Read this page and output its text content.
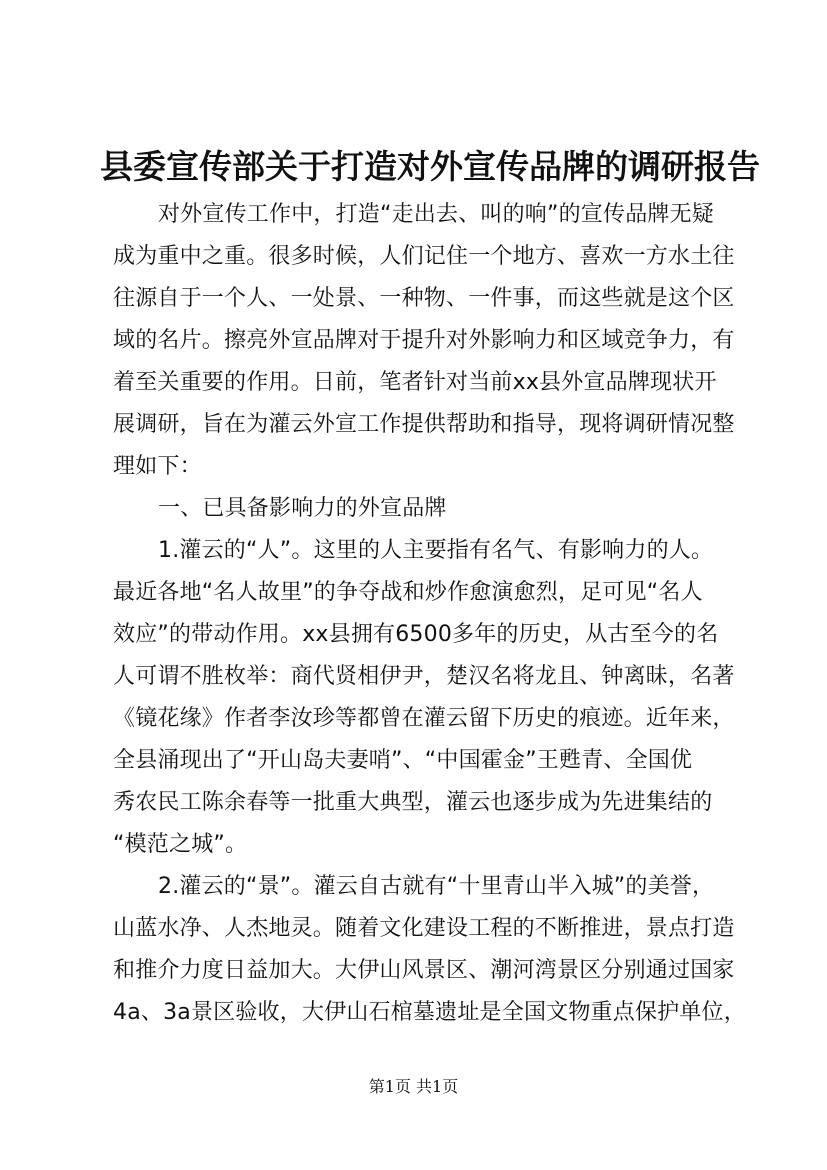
县委宣传部关于打造对外宣传品牌的调研报告
对外宣传工作中，打造“走出去、叫的响”的宣传品牌无疑
成为重中之重。很多时候，人们记住一个地方、喜欢一方水土往
往源自于一个人、一处景、一种物、一件事，而这些就是这个区
域的名片。擦亮外宣品牌对于提升对外影响力和区域竞争力，有
着至关重要的作用。日前，笔者针对当前xx县外宣品牌现状开
展调研，旨在为灌云外宣工作提供帮助和指导，现将调研情况整
理如下：
一、已具备影响力的外宣品牌
1.灌云的“人”。这里的人主要指有名气、有影响力的人。
最近各地“名人故里”的争夺战和炒作愈演愈烈，足可见“名人
效应”的带动作用。xx县拥有6500多年的历史，从古至今的名
人可谓不胜枚举：商代贤相伊尹，楚汉名将龙且、钟离昧，名著
《镜花缘》作者李汝珍等都曾在灌云留下历史的痕迹。近年来，
全县涌现出了“开山岛夫妻哨”、“中国霍金”王甦青、全国优
秀农民工陈余春等一批重大典型，灌云也逐步成为先进集结的
“模范之城”。
2.灌云的“景”。灌云自古就有“十里青山半入城”的美誉，
山蓝水净、人杰地灵。随着文化建设工程的不断推进，景点打造
和推介力度日益加大。大伊山风景区、潮河湾景区分别通过国家
4a、3a景区验收，大伊山石棺墓遗址是全国文物重点保护单位，
第1页 共1页
